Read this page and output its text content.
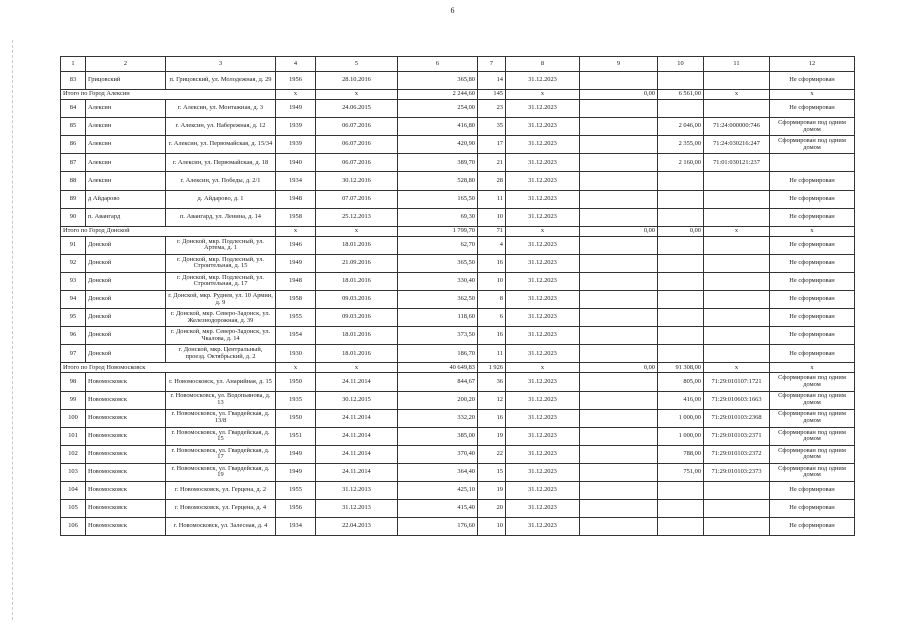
6
1	2	3	4	5	6	7	8	9	10	11	12
83	Грицовский	п. Грицовский, ул. Молодежная, д. 29	1956	28.10.2016	365,80	14	31.12.2023				Не сформирован
Итого по Город Алексин			x	x	2 244,60	145	x	0,00	6 561,00	x	x
84	Алексин	г. Алексин, ул. Монтажная, д. 3	1949	24.06.2015	254,00	23	31.12.2023				Не сформирован
85	Алексин	г. Алексин, ул. Набережная, д. 12	1939	06.07.2016	416,80	35	31.12.2023		2 046,00	71:24:000000:746	Сформирован под одним домом
86	Алексин	г. Алексин, ул. Первомайская, д. 15/34	1939	06.07.2016	420,90	17	31.12.2023		2 355,00	71:24:030216:247	Сформирован под одним домом
87	Алексин	г. Алексин, ул. Первомайская, д. 18	1940	06.07.2016	389,70	21	31.12.2023		2 160,00	71:01:030121:237	
88	Алексин	г. Алексин, ул. Победы, д. 2/1	1934	30.12.2016	528,80	28	31.12.2023				Не сформирован
89	д Айдарово	д. Айдарово, д. 1	1948	07.07.2016	165,50	11	31.12.2023				Не сформирован
90	п. Авангард	п. Авангард, ул. Ленина, д. 14	1958	25.12.2013	69,30	10	31.12.2023				Не сформирован
Итого по Город Донской			x	x	1 799,70	71	x	0,00	0,00	x	x
91	Донской	г. Донской, мкр. Подлесный, ул. Артема, д. 1	1946	18.01.2016	62,70	4	31.12.2023				Не сформирован
92	Донской	г. Донской, мкр. Подлесный, ул. Строительная, д. 15	1949	21.09.2016	365,50	16	31.12.2023				Не сформирован
93	Донской	г. Донской, мкр. Подлесный, ул. Строительная, д. 17	1948	18.01.2016	330,40	10	31.12.2023				Не сформирован
94	Донской	г. Донской, мкр. Руднев, ул. 10 Армии, д. 9	1958	09.03.2016	362,50	8	31.12.2023				Не сформирован
95	Донской	г. Донской, мкр. Северо-Задонск, ул. Железнодорожная, д. 39	1955	09.03.2016	118,60	6	31.12.2023				Не сформирован
96	Донской	г. Донской, мкр. Северо-Задонск, ул. Чкалова, д. 14	1954	18.01.2016	373,50	16	31.12.2023				Не сформирован
97	Донской	г. Донской, мкр. Центральный, проезд. Октябрьский, д. 2	1930	18.01.2016	186,70	11	31.12.2023				Не сформирован
Итого по Город Новомосковск			x	x	40 649,83	1 926	x	0,00	91 308,00	x	x
98	Новомосковск	г. Новомосковск, ул. Анарийная, д. 15	1950	24.11.2014	844,67	36	31.12.2023		805,00	71:29:010107:1721	Сформирован под одним домом
99	Новомосковск	г. Новомосковск, ул. Водопьянова, д. 13	1935	30.12.2015	200,20	12	31.12.2023		416,00	71:29:010603:1663	Сформирован под одним домом
100	Новомосковск	г. Новомосковск, ул. Гвардейская, д. 13/8	1950	24.11.2014	332,20	16	31.12.2023		1 000,00	71:29:010103:2368	Сформирован под одним домом
101	Новомосковск	г. Новомосковск, ул. Гвардейская, д. 15	1951	24.11.2014	385,00	19	31.12.2023		1 000,00	71:29:010103:2371	Сформирован под одним домом
102	Новомосковск	г. Новомосковск, ул. Гвардейская, д. 17	1949	24.11.2014	370,40	22	31.12.2023		788,00	71:29:010103:2372	Сформирован под одним домом
103	Новомосковск	г. Новомосковск, ул. Гвардейская, д. 19	1949	24.11.2014	364,40	15	31.12.2023		751,00	71:29:010103:2373	Сформирован под одним домом
104	Новомосковск	г. Новомосковск, ул. Герцена, д. 2	1955	31.12.2013	425,10	19	31.12.2023				Не сформирован
105	Новомосковск	г. Новомосковск, ул. Герцена, д. 4	1956	31.12.2013	415,40	20	31.12.2023				Не сформирован
106	Новомосковск	г. Новомосковск, ул. Залесная, д. 4	1934	22.04.2013	176,60	10	31.12.2023				Не сформирован
